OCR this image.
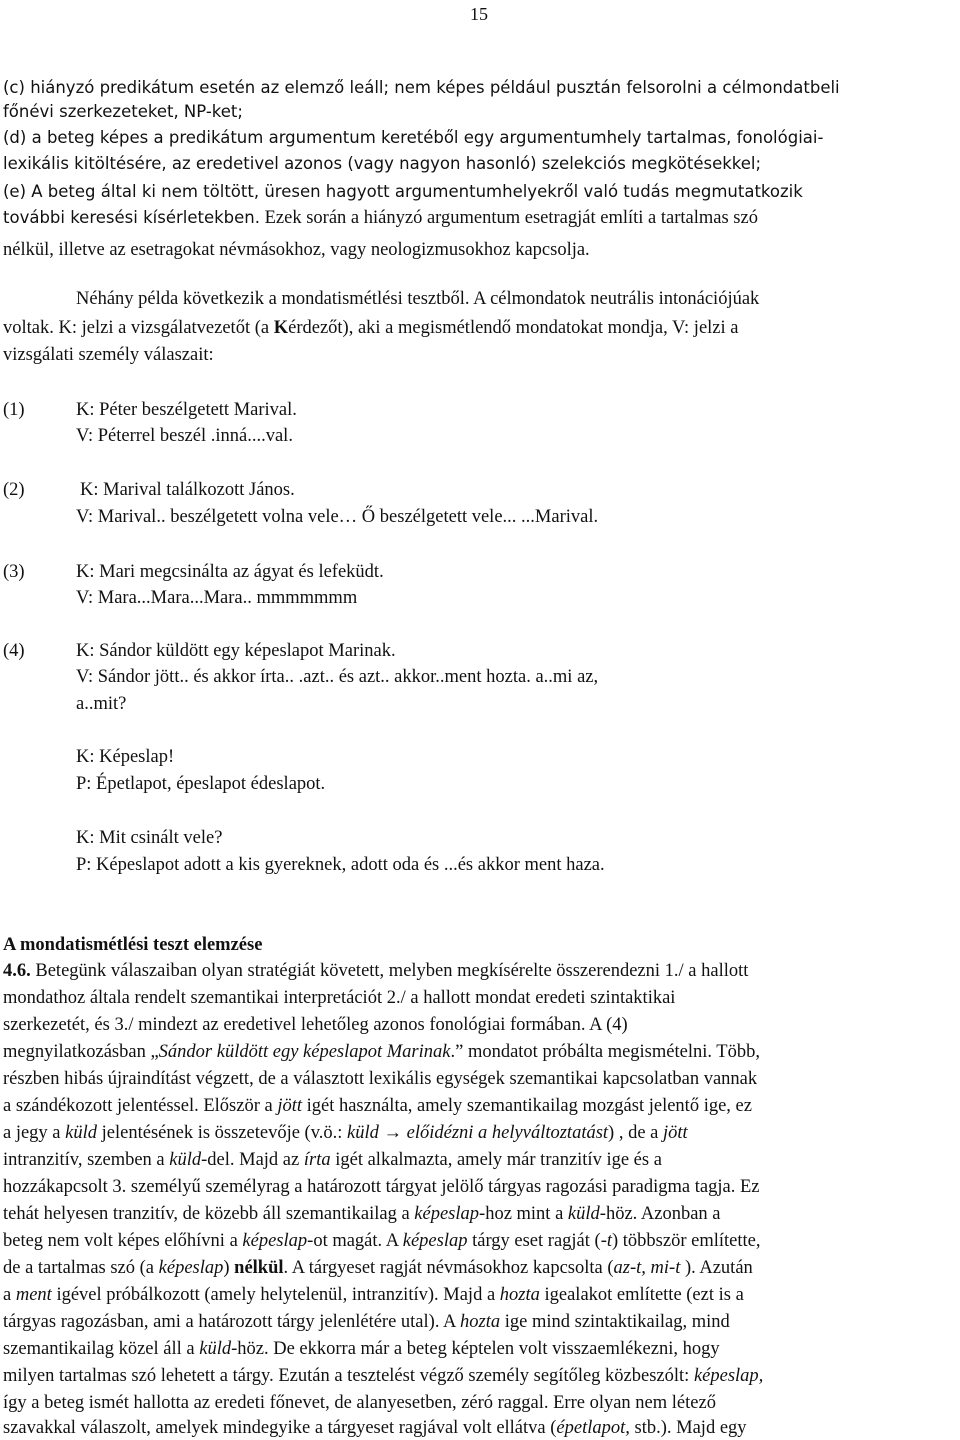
15
(c) hiányzó predikátum esetén az elemző leáll; nem képes például pusztán felsorolni a célmondatbeli
főnévi szerkezeteket, NP-ket;
(d) a beteg képes a predikátum argumentum keretéből egy argumentumhely tartalmas, fonológiai-
lexikális kitöltésére, az eredetivel azonos (vagy nagyon hasonló) szelekciós megkötésekkel;
(e) A beteg által ki nem töltött, üresen hagyott argumentumhelyekről való tudás megmutatkozik
további keresési kísérletekben. Ezek során a hiányzó argumentum esetragját említi a tartalmas szó
nélkül, illetve az esetragokat névmásokhoz, vagy neologizmusokhoz kapcsolja.
Néhány példa következik a mondatismétlési tesztből. A célmondatok neutrális intonációjúak
voltak. K: jelzi a vizsgálatvezetőt (a Kérdezőt), aki a megismétlendő mondatokat mondja, V: jelzi a
vizsgálati személy válaszait:
(1)	K: Péter beszélgetett Marival.
V: Péterrel beszél .inná....val.
(2)	K: Marival találkozott János.
V: Marival.. beszélgetett volna vele… Ő beszélgetett vele... ...Marival.
(3)	K: Mari megcsinálta az ágyat és lefeküdt.
V: Mara...Mara...Mara.. mmmmmmm
(4)	K: Sándor küldött egy képeslapot Marinak.
V: Sándor jött.. és akkor írta.. .azt.. és azt.. akkor..ment hozta. a..mi az,
a..mit?
K: Képeslap!
P: Épetlapot, épeslapot édeslapot.
K: Mit csinált vele?
P: Képeslapot adott a kis gyereknek, adott oda és ...és akkor ment haza.
A mondatismétlési teszt elemzése
4.6. Betegünk válaszaiban olyan stratégiát követett, melyben megkísérelte összerendezni 1./ a hallott
mondathoz általa rendelt szemantikai interpretációt 2./ a hallott mondat eredeti szintaktikai
szerkezetét, és 3./ mindezt az eredetivel lehetőleg azonos fonológiai formában. A (4)
megnyilatkozásban „Sándor küldött egy képeslapot Marinak.” mondatot próbálta megismételni. Több,
részben hibás újraindítást végzett, de a választott lexikális egységek szemantikai kapcsolatban vannak
a szándékozott jelentéssel. Először a jött igét használta, amely szemantikailag mozgást jelentő ige, ez
a jegy a küld jelentésének is összetevője (v.ö.: küld → előidézni a helyváltoztatást) , de a jött
intranzitív, szemben a küld-del. Majd az írta igét alkalmazta, amely már tranzitív ige és a
hozzákapcsolt 3. személyű személyrag a határozott tárgyat jelölő tárgyas ragozási paradigma tagja. Ez
tehát helyesen tranzitív, de közebb áll szemantikailag a képeslap-hoz mint a küld-höz. Azonban a
beteg nem volt képes előhívni a képeslap-ot magát. A képeslap tárgy eset ragját (-t) többször említette,
de a tartalmas szó (a képeslap) nélkül. A tárgyeset ragját névmásokhoz kapcsolta (az-t, mi-t ). Azután
a ment igével próbálkozott (amely helytelenül, intranzitív). Majd a hozta igealakot említette (ezt is a
tárgyas ragozásban, ami a határozott tárgy jelenlétére utal). A hozta ige mind szintaktikailag, mind
szemantikailag közel áll a küld-höz. De ekkorra már a beteg képtelen volt visszaemlékezni, hogy
milyen tartalmas szó lehetett a tárgy. Ezután a tesztelést végző személy segítőleg közbeszólt: képeslap,
így a beteg ismét hallotta az eredeti főnevet, de alanyesetben, zéró raggal. Erre olyan nem létező
szavakkal válaszolt, amelyek mindegyike a tárgyeset ragjával volt ellátva (épetlapot, stb.). Majd egy
